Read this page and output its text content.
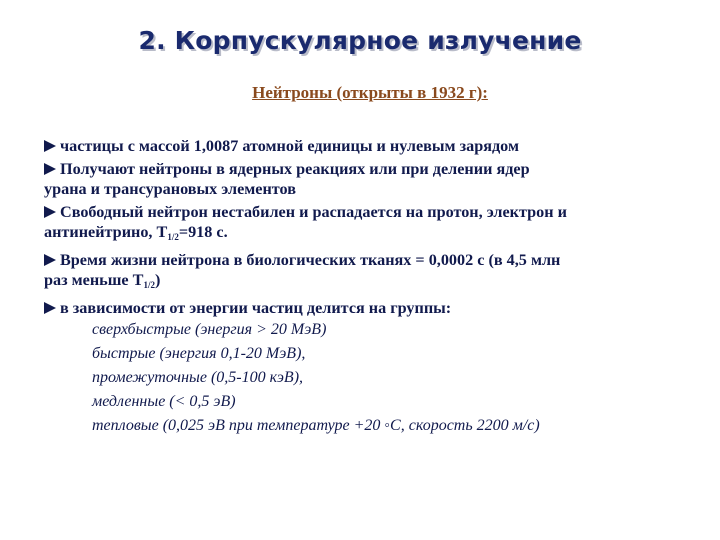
2. Корпускулярное излучение
Нейтроны (открыты в 1932 г):
частицы с массой 1,0087 атомной единицы и нулевым зарядом
Получают нейтроны в ядерных реакциях или при делении ядер
урана и трансурановых элементов
Свободный нейтрон нестабилен и распадается на протон, электрон и
антинейтрино, $Т_{1/2}=918$ с.
Время жизни нейтрона в биологических тканях = 0,0002 с (в 4,5 млн
раз меньше $Т_{1/2}$)
в зависимости от энергии частиц делится на группы:
сверхбыстрые (энергия > 20 МэВ)
быстрые (энергия 0,1-20 МэВ),
промежуточные (0,5-100 кэВ),
медленные (< 0,5 эВ)
тепловые (0,025 эВ при температуре +20 ◦С, скорость 2200 м/с)
